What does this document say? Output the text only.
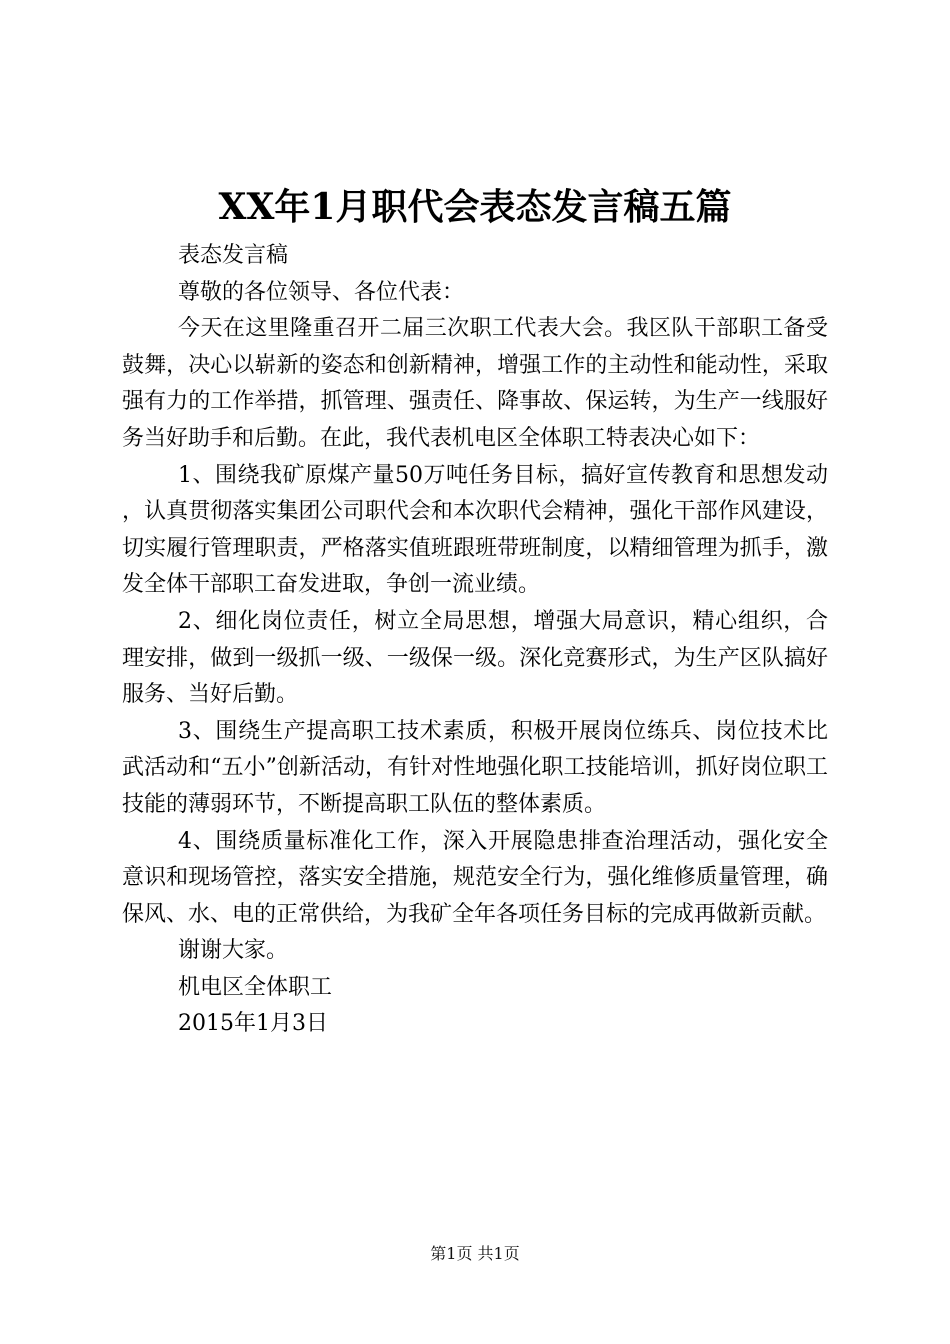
XX年1月职代会表态发言稿五篇

表态发言稿

尊敬的各位领导、各位代表：

今天在这里隆重召开二届三次职工代表大会。我区队干部职工备受鼓舞，决心以崭新的姿态和创新精神，增强工作的主动性和能动性，采取强有力的工作举措，抓管理、强责任、降事故、保运转，为生产一线服好务当好助手和后勤。在此，我代表机电区全体职工特表决心如下：

1、围绕我矿原煤产量50万吨任务目标，搞好宣传教育和思想发动，认真贯彻落实集团公司职代会和本次职代会精神，强化干部作风建设，切实履行管理职责，严格落实值班跟班带班制度，以精细管理为抓手，激发全体干部职工奋发进取，争创一流业绩。

2、细化岗位责任，树立全局思想，增强大局意识，精心组织，合理安排，做到一级抓一级、一级保一级。深化竞赛形式，为生产区队搞好服务、当好后勤。

3、围绕生产提高职工技术素质，积极开展岗位练兵、岗位技术比武活动和“五小”创新活动，有针对性地强化职工技能培训，抓好岗位职工技能的薄弱环节，不断提高职工队伍的整体素质。

4、围绕质量标准化工作，深入开展隐患排查治理活动，强化安全意识和现场管控，落实安全措施，规范安全行为，强化维修质量管理，确保风、水、电的正常供给，为我矿全年各项任务目标的完成再做新贡献。

谢谢大家。

机电区全体职工

2015年1月3日

第1页 共1页
